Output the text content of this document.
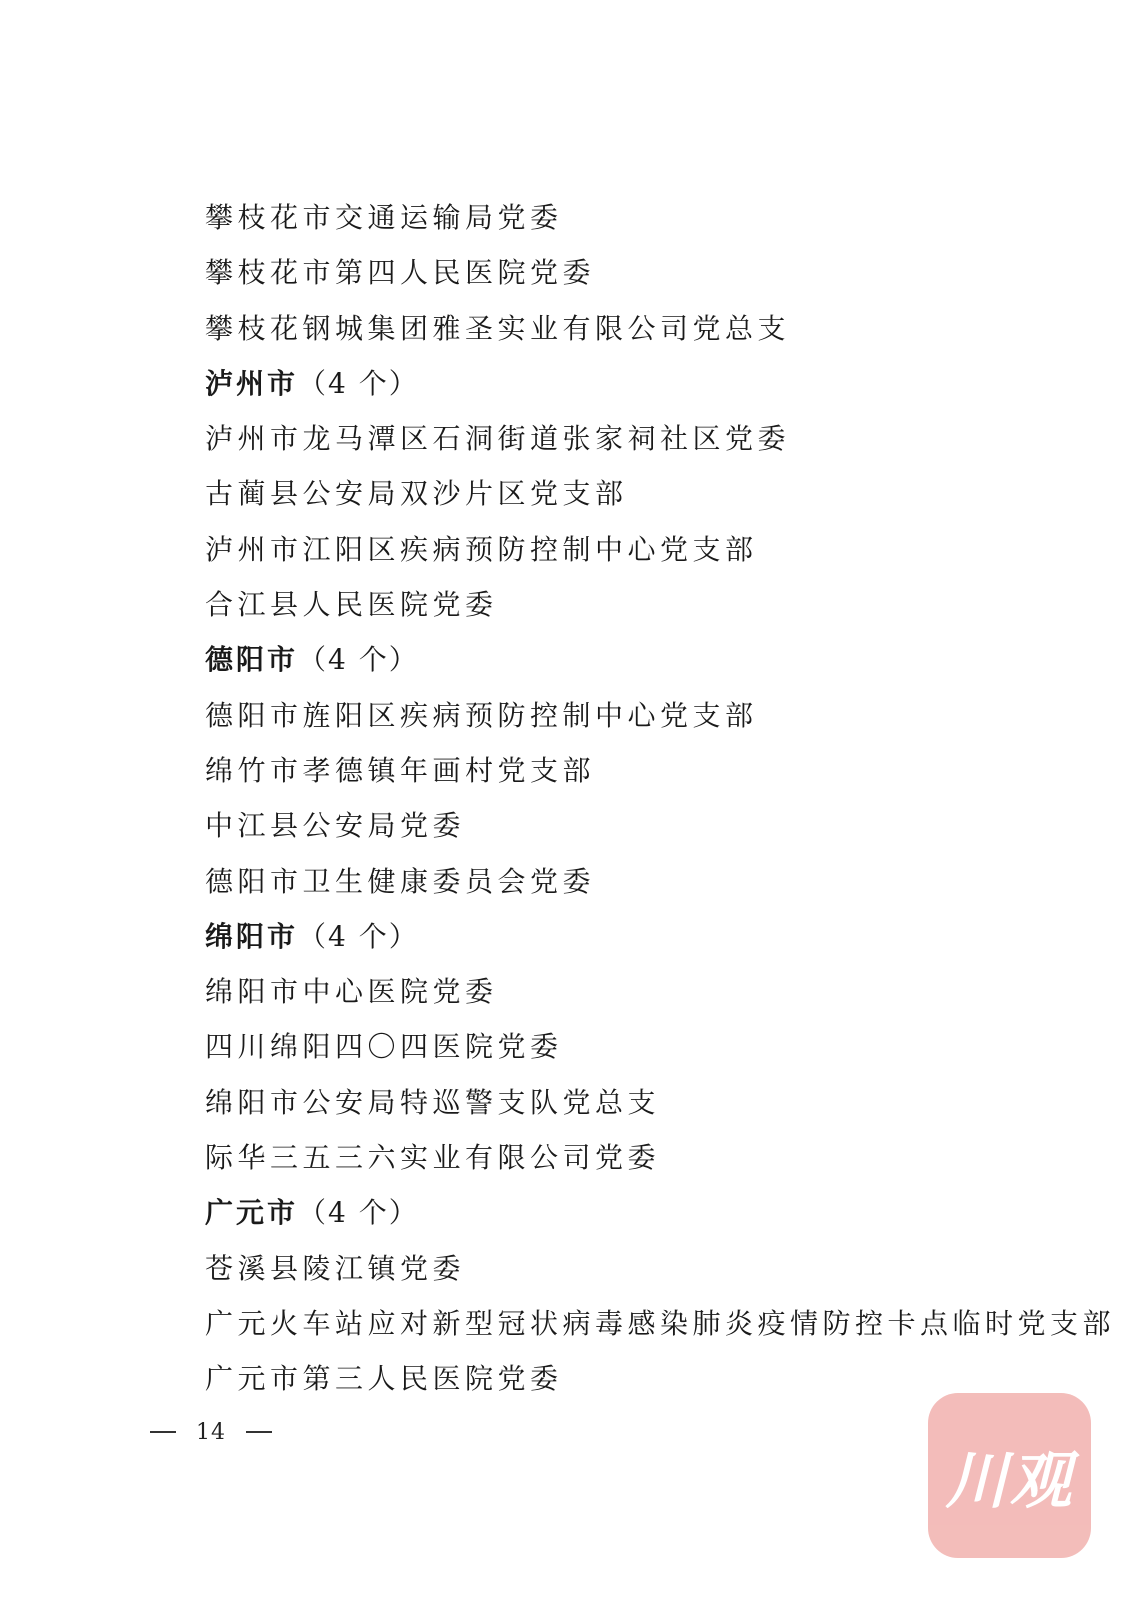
攀枝花市交通运输局党委
攀枝花市第四人民医院党委
攀枝花钢城集团雅圣实业有限公司党总支
泸州市（4 个）
泸州市龙马潭区石洞街道张家祠社区党委
古蔺县公安局双沙片区党支部
泸州市江阳区疾病预防控制中心党支部
合江县人民医院党委
德阳市（4 个）
德阳市旌阳区疾病预防控制中心党支部
绵竹市孝德镇年画村党支部
中江县公安局党委
德阳市卫生健康委员会党委
绵阳市（4 个）
绵阳市中心医院党委
四川绵阳四〇四医院党委
绵阳市公安局特巡警支队党总支
际华三五三六实业有限公司党委
广元市（4 个）
苍溪县陵江镇党委
广元火车站应对新型冠状病毒感染肺炎疫情防控卡点临时党支部
广元市第三人民医院党委
14
川观
